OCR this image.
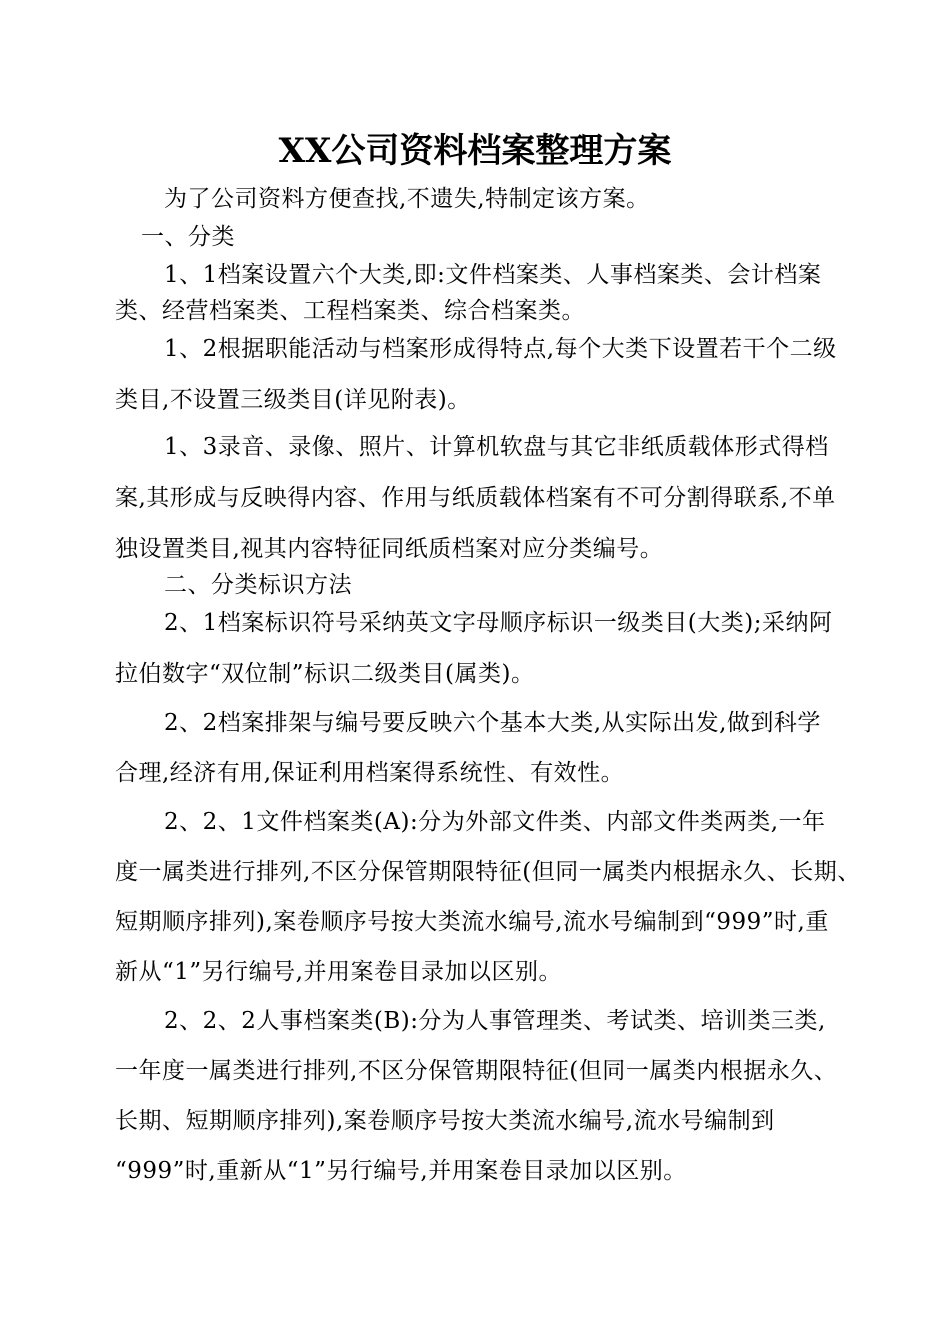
XX公司资料档案整理方案

为了公司资料方便查找,不遗失,特制定该方案。

一、分类

1、1档案设置六个大类,即:文件档案类、人事档案类、会计档案

类、经营档案类、工程档案类、综合档案类。

1、2根据职能活动与档案形成得特点,每个大类下设置若干个二级

类目,不设置三级类目(详见附表)。

1、3录音、录像、照片、计算机软盘与其它非纸质载体形式得档

案,其形成与反映得内容、作用与纸质载体档案有不可分割得联系,不单

独设置类目,视其内容特征同纸质档案对应分类编号。

二、分类标识方法

2、1档案标识符号采纳英文字母顺序标识一级类目(大类);采纳阿

拉伯数字“双位制”标识二级类目(属类)。

2、2档案排架与编号要反映六个基本大类,从实际出发,做到科学

合理,经济有用,保证利用档案得系统性、有效性。

2、2、1文件档案类(A):分为外部文件类、内部文件类两类,一年

度一属类进行排列,不区分保管期限特征(但同一属类内根据永久、长期、

短期顺序排列),案卷顺序号按大类流水编号,流水号编制到“999”时,重

新从“1”另行编号,并用案卷目录加以区别。

2、2、2人事档案类(B):分为人事管理类、考试类、培训类三类,

一年度一属类进行排列,不区分保管期限特征(但同一属类内根据永久、

长期、短期顺序排列),案卷顺序号按大类流水编号,流水号编制到

“999”时,重新从“1”另行编号,并用案卷目录加以区别。
